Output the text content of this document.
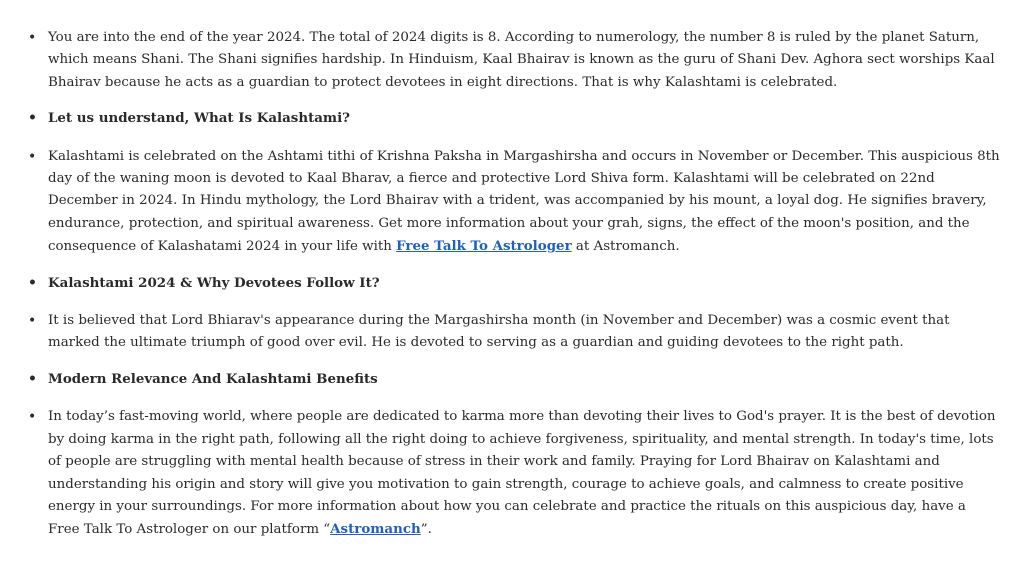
• You are into the end of the year 2024. The total of 2024 digits is 8. According to numerology, the number 8 is ruled by the planet Saturn, which means Shani. The Shani signifies hardship. In Hinduism, Kaal Bhairav is known as the guru of Shani Dev. Aghora sect worships Kaal Bhairav because he acts as a guardian to protect devotees in eight directions. That is why Kalashtami is celebrated.
• Let us understand, What Is Kalashtami?
• Kalashtami is celebrated on the Ashtami tithi of Krishna Paksha in Margashirsha and occurs in November or December. This auspicious 8th day of the waning moon is devoted to Kaal Bharav, a fierce and protective Lord Shiva form. Kalashtami will be celebrated on 22nd December in 2024. In Hindu mythology, the Lord Bhairav with a trident, was accompanied by his mount, a loyal dog. He signifies bravery, endurance, protection, and spiritual awareness. Get more information about your grah, signs, the effect of the moon's position, and the consequence of Kalashatami 2024 in your life with Free Talk To Astrologer at Astromanch.
• Kalashtami 2024 & Why Devotees Follow It?
• It is believed that Lord Bhiarav's appearance during the Margashirsha month (in November and December) was a cosmic event that marked the ultimate triumph of good over evil. He is devoted to serving as a guardian and guiding devotees to the right path.
• Modern Relevance And Kalashtami Benefits
• In today’s fast-moving world, where people are dedicated to karma more than devoting their lives to God's prayer. It is the best of devotion by doing karma in the right path, following all the right doing to achieve forgiveness, spirituality, and mental strength. In today's time, lots of people are struggling with mental health because of stress in their work and family. Praying for Lord Bhairav on Kalashtami and understanding his origin and story will give you motivation to gain strength, courage to achieve goals, and calmness to create positive energy in your surroundings. For more information about how you can celebrate and practice the rituals on this auspicious day, have a Free Talk To Astrologer on our platform “Astromanch”.
